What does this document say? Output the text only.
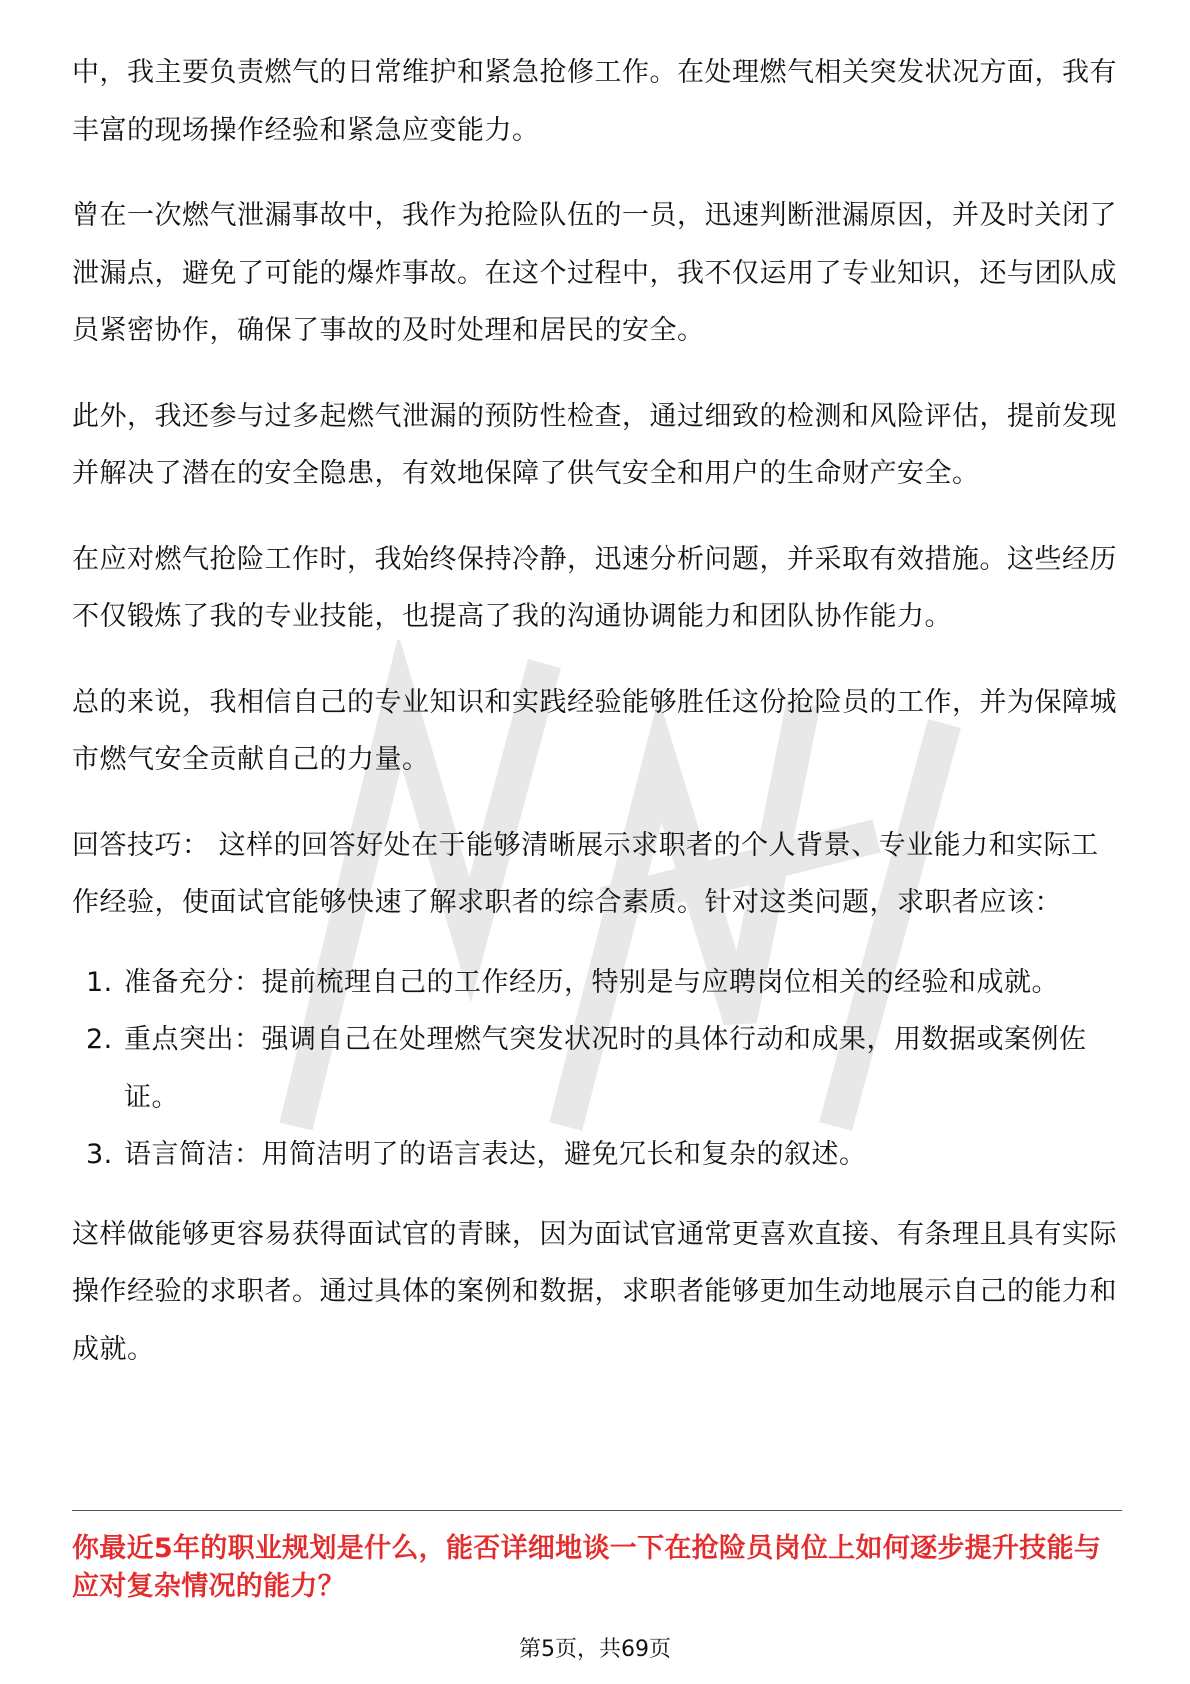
中，我主要负责燃气的日常维护和紧急抢修工作。在处理燃气相关突发状况方面，我有丰富的现场操作经验和紧急应变能力。

曾在一次燃气泄漏事故中，我作为抢险队伍的一员，迅速判断泄漏原因，并及时关闭了泄漏点，避免了可能的爆炸事故。在这个过程中，我不仅运用了专业知识，还与团队成员紧密协作，确保了事故的及时处理和居民的安全。

此外，我还参与过多起燃气泄漏的预防性检查，通过细致的检测和风险评估，提前发现并解决了潜在的安全隐患，有效地保障了供气安全和用户的生命财产安全。

在应对燃气抢险工作时，我始终保持冷静，迅速分析问题，并采取有效措施。这些经历不仅锻炼了我的专业技能，也提高了我的沟通协调能力和团队协作能力。

总的来说，我相信自己的专业知识和实践经验能够胜任这份抢险员的工作，并为保障城市燃气安全贡献自己的力量。

回答技巧： 这样的回答好处在于能够清晰展示求职者的个人背景、专业能力和实际工作经验，使面试官能够快速了解求职者的综合素质。针对这类问题，求职者应该：

1. 准备充分：提前梳理自己的工作经历，特别是与应聘岗位相关的经验和成就。
2. 重点突出：强调自己在处理燃气突发状况时的具体行动和成果，用数据或案例佐证。
3. 语言简洁：用简洁明了的语言表达，避免冗长和复杂的叙述。

这样做能够更容易获得面试官的青睐，因为面试官通常更喜欢直接、有条理且具有实际操作经验的求职者。通过具体的案例和数据，求职者能够更加生动地展示自己的能力和成就。

你最近5年的职业规划是什么，能否详细地谈一下在抢险员岗位上如何逐步提升技能与应对复杂情况的能力？

第5页，共69页
